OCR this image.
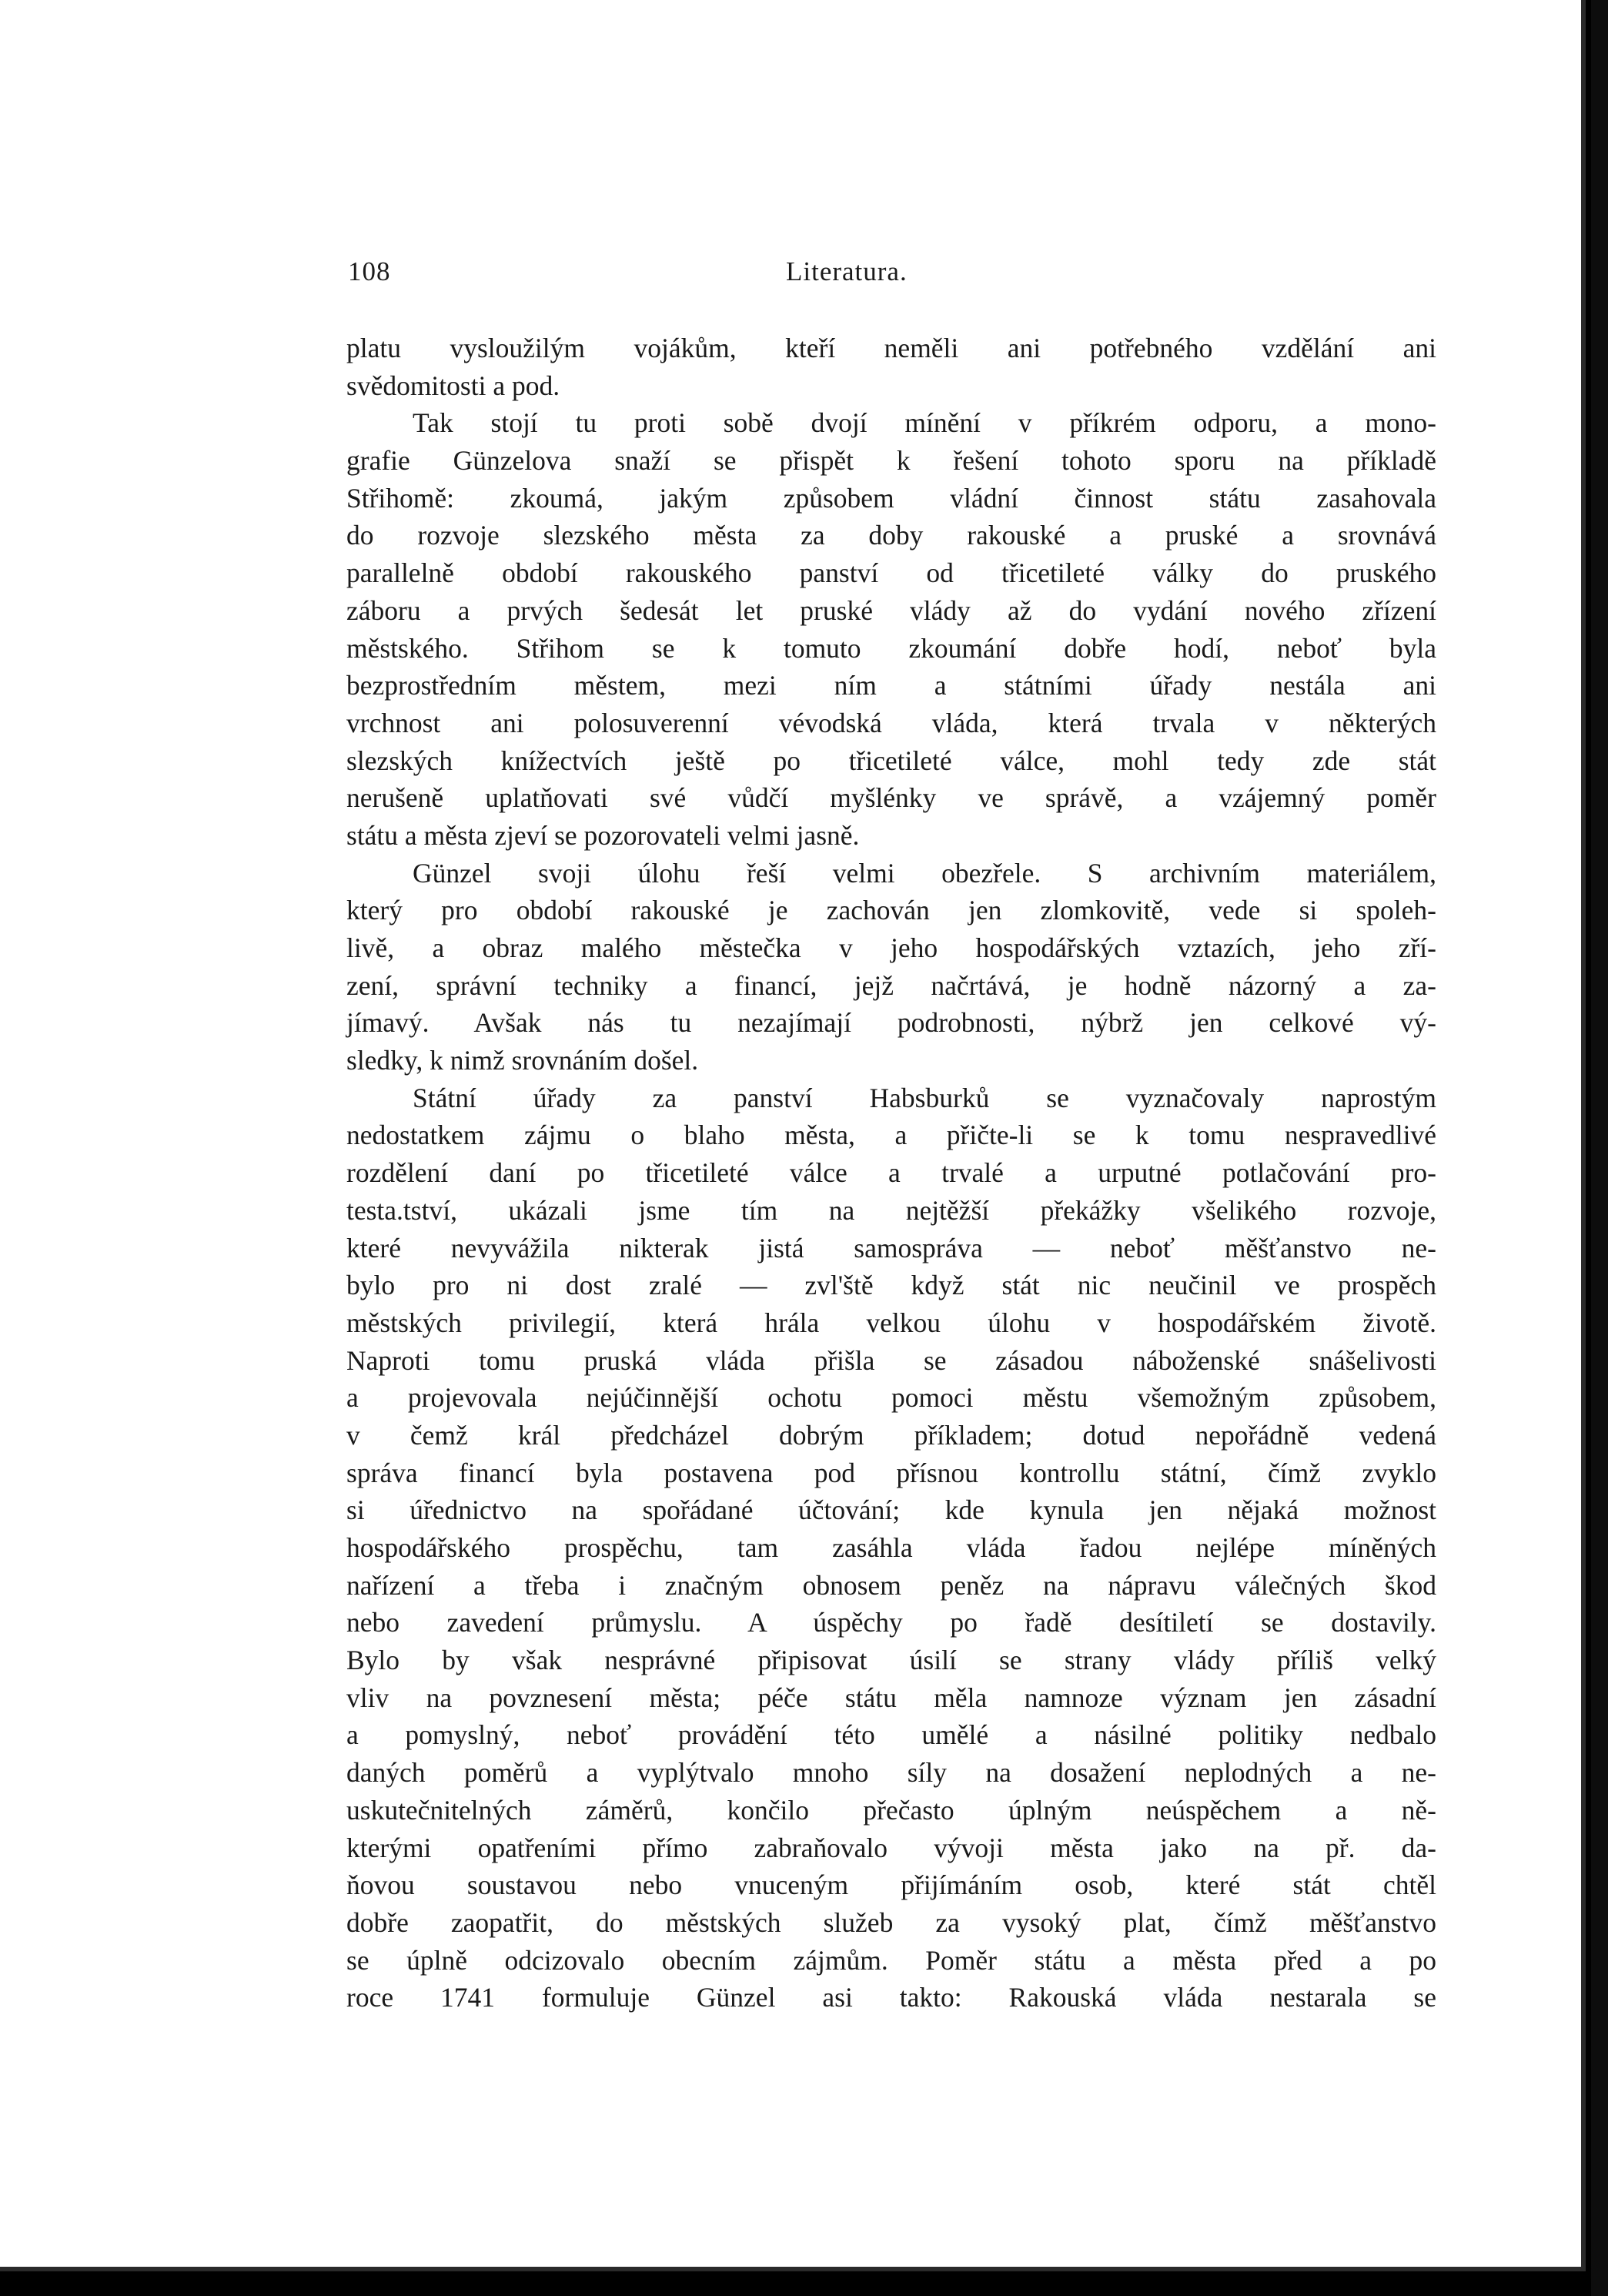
108	Literatura.
platu vysloužilým vojákům, kteří neměli ani potřebného vzdělání ani
svědomitosti a pod.
Tak stojí tu proti sobě dvojí mínění v příkrém odporu, a mono-
grafie Günzelova snaží se přispět k řešení tohoto sporu na příkladě
Střihomě: zkoumá, jakým způsobem vládní činnost státu zasahovala
do rozvoje slezského města za doby rakouské a pruské a srovnává
parallelně období rakouského panství od třicetileté války do pruského
záboru a prvých šedesát let pruské vlády až do vydání nového zřízení
městského. Střihom se k tomuto zkoumání dobře hodí, neboť byla
bezprostředním městem, mezi ním a státními úřady nestála ani
vrchnost ani polosuverenní vévodská vláda, která trvala v některých
slezských knížectvích ještě po třicetileté válce, mohl tedy zde stát
nerušeně uplatňovati své vůdčí myšlénky ve správě, a vzájemný poměr
státu a města zjeví se pozorovateli velmi jasně.
Günzel svoji úlohu řeší velmi obezřele. S archivním materiálem,
který pro období rakouské je zachován jen zlomkovitě, vede si spoleh-
livě, a obraz malého městečka v jeho hospodářských vztazích, jeho zří-
zení, správní techniky a financí, jejž načrtává, je hodně názorný a za-
jímavý. Avšak nás tu nezajímají podrobnosti, nýbrž jen celkové vý-
sledky, k nimž srovnáním došel.
Státní úřady za panství Habsburků se vyznačovaly naprostým
nedostatkem zájmu o blaho města, a přičte-li se k tomu nespravedlivé
rozdělení daní po třicetileté válce a trvalé a urputné potlačování pro-
testa.tství, ukázali jsme tím na nejtěžší překážky všelikého rozvoje,
které nevyvážila nikterak jistá samospráva — neboť měšťanstvo ne-
bylo pro ni dost zralé — zvl'ště když stát nic neučinil ve prospěch
městských privilegií, která hrála velkou úlohu v hospodářském životě.
Naproti tomu pruská vláda přišla se zásadou náboženské snášelivosti
a projevovala nejúčinnější ochotu pomoci městu všemožným způsobem,
v čemž král předcházel dobrým příkladem; dotud nepořádně vedená
správa financí byla postavena pod přísnou kontrollu státní, čímž zvyklo
si úřednictvo na spořádané účtování; kde kynula jen nějaká možnost
hospodářského prospěchu, tam zasáhla vláda řadou nejlépe míněných
nařízení a třeba i značným obnosem peněz na nápravu válečných škod
nebo zavedení průmyslu. A úspěchy po řadě desítiletí se dostavily.
Bylo by však nesprávné připisovat úsilí se strany vlády příliš velký
vliv na povznesení města; péče státu měla namnoze význam jen zásadní
a pomyslný, neboť provádění této umělé a násilné politiky nedbalo
daných poměrů a vyplýtvalo mnoho síly na dosažení neplodných a ne-
uskutečnitelných záměrů, končilo přečasto úplným neúspěchem a ně-
kterými opatřeními přímo zabraňovalo vývoji města jako na př. da-
ňovou soustavou nebo vnuceným přijímáním osob, které stát chtěl
dobře zaopatřit, do městských služeb za vysoký plat, čímž měšťanstvo
se úplně odcizovalo obecním zájmům. Poměr státu a města před a po
roce 1741 formuluje Günzel asi takto: Rakouská vláda nestarala se
